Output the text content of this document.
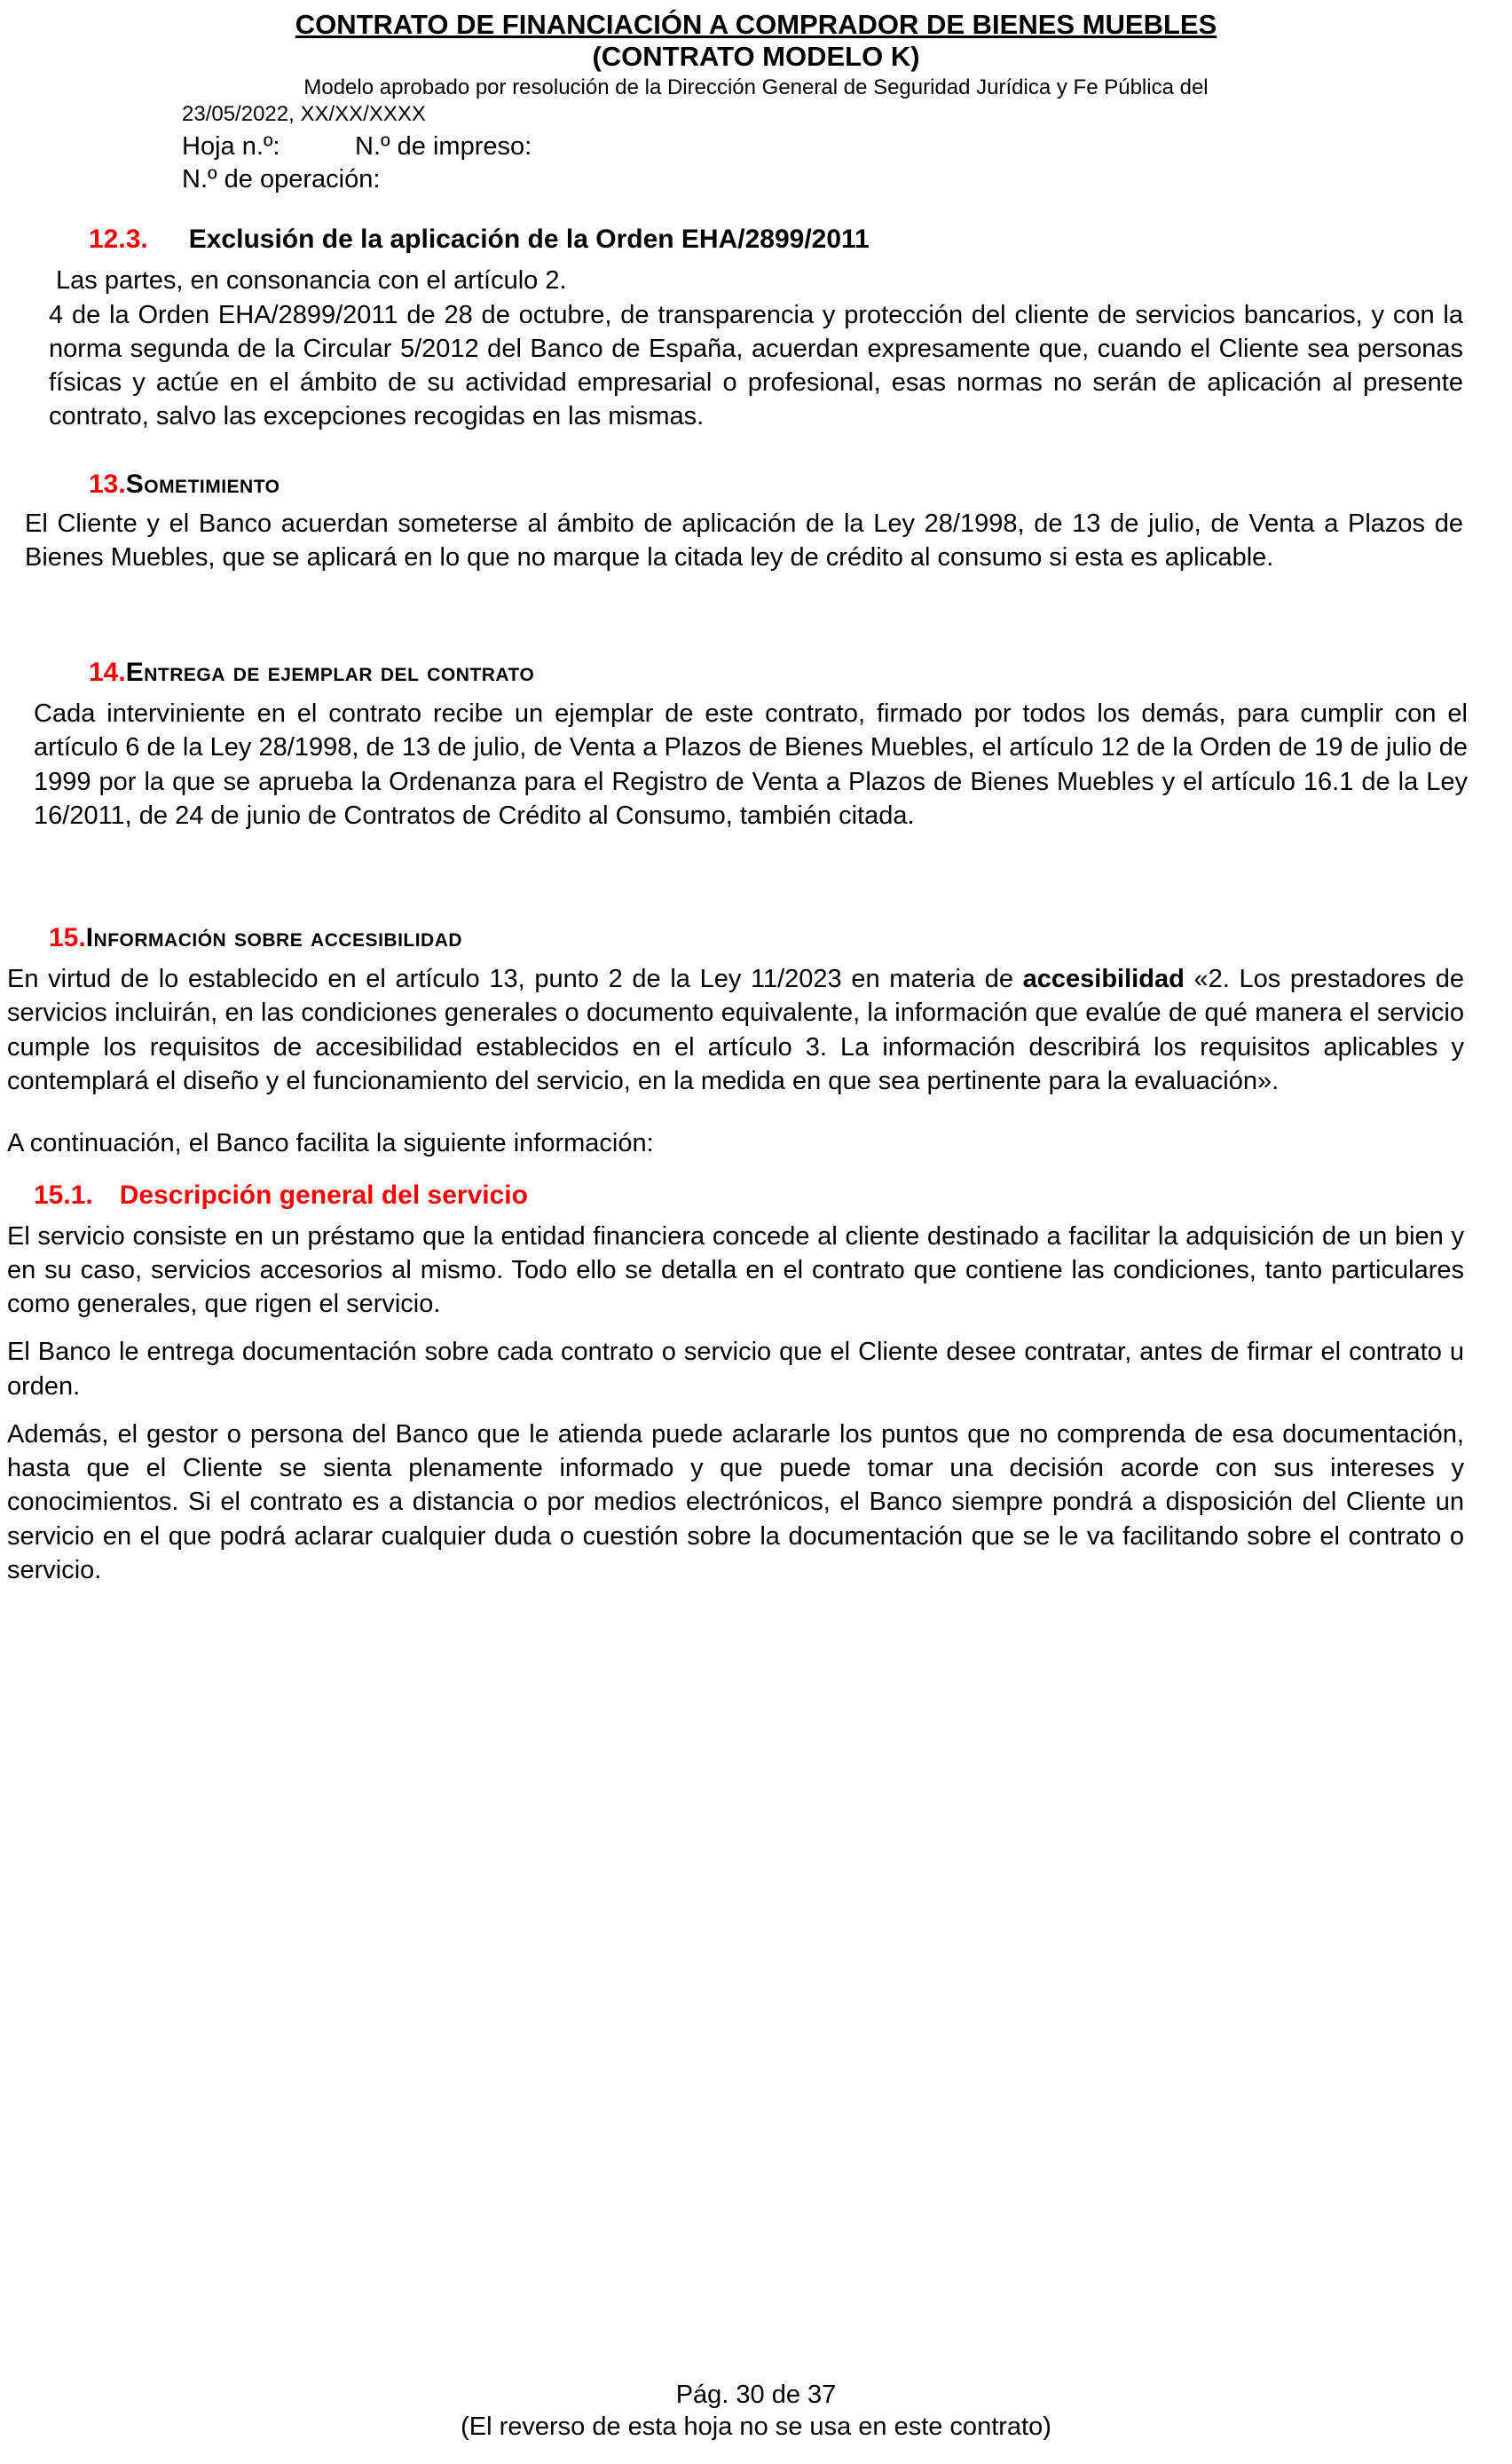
CONTRATO DE FINANCIACIÓN A COMPRADOR DE BIENES MUEBLES
(CONTRATO MODELO K)
Modelo aprobado por resolución de la Dirección General de Seguridad Jurídica y Fe Pública del
23/05/2022, XX/XX/XXXX
Hoja n.º:	N.º de impreso:
N.º de operación:
12.3. Exclusión de la aplicación de la Orden EHA/2899/2011

Las partes, en consonancia con el artículo 2.
4 de la Orden EHA/2899/2011 de 28 de octubre, de transparencia y protección del cliente de servicios bancarios, y con la norma segunda de la Circular 5/2012 del Banco de España, acuerdan expresamente que, cuando el Cliente sea personas físicas y actúe en el ámbito de su actividad empresarial o profesional, esas normas no serán de aplicación al presente contrato, salvo las excepciones recogidas en las mismas.

13.Sometimiento

El Cliente y el Banco acuerdan someterse al ámbito de aplicación de la Ley 28/1998, de 13 de julio, de Venta a Plazos de Bienes Muebles, que se aplicará en lo que no marque la citada ley de crédito al consumo si esta es aplicable.

14.Entrega de ejemplar del contrato

Cada interviniente en el contrato recibe un ejemplar de este contrato, firmado por todos los demás, para cumplir con el artículo 6 de la Ley 28/1998, de 13 de julio, de Venta a Plazos de Bienes Muebles, el artículo 12 de la Orden de 19 de julio de 1999 por la que se aprueba la Ordenanza para el Registro de Venta a Plazos de Bienes Muebles y el artículo 16.1 de la Ley 16/2011, de 24 de junio de Contratos de Crédito al Consumo, también citada.

15.Información sobre accesibilidad

En virtud de lo establecido en el artículo 13, punto 2 de la Ley 11/2023 en materia de accesibilidad «2. Los prestadores de servicios incluirán, en las condiciones generales o documento equivalente, la información que evalúe de qué manera el servicio cumple los requisitos de accesibilidad establecidos en el artículo 3. La información describirá los requisitos aplicables y contemplará el diseño y el funcionamiento del servicio, en la medida en que sea pertinente para la evaluación».

A continuación, el Banco facilita la siguiente información:

15.1. Descripción general del servicio

El servicio consiste en un préstamo que la entidad financiera concede al cliente destinado a facilitar la adquisición de un bien y en su caso, servicios accesorios al mismo. Todo ello se detalla en el contrato que contiene las condiciones, tanto particulares como generales, que rigen el servicio.

El Banco le entrega documentación sobre cada contrato o servicio que el Cliente desee contratar, antes de firmar el contrato u orden.

Además, el gestor o persona del Banco que le atienda puede aclararle los puntos que no comprenda de esa documentación, hasta que el Cliente se sienta plenamente informado y que puede tomar una decisión acorde con sus intereses y conocimientos. Si el contrato es a distancia o por medios electrónicos, el Banco siempre pondrá a disposición del Cliente un servicio en el que podrá aclarar cualquier duda o cuestión sobre la documentación que se le va facilitando sobre el contrato o servicio.

Pág. 30 de 37
(El reverso de esta hoja no se usa en este contrato)
